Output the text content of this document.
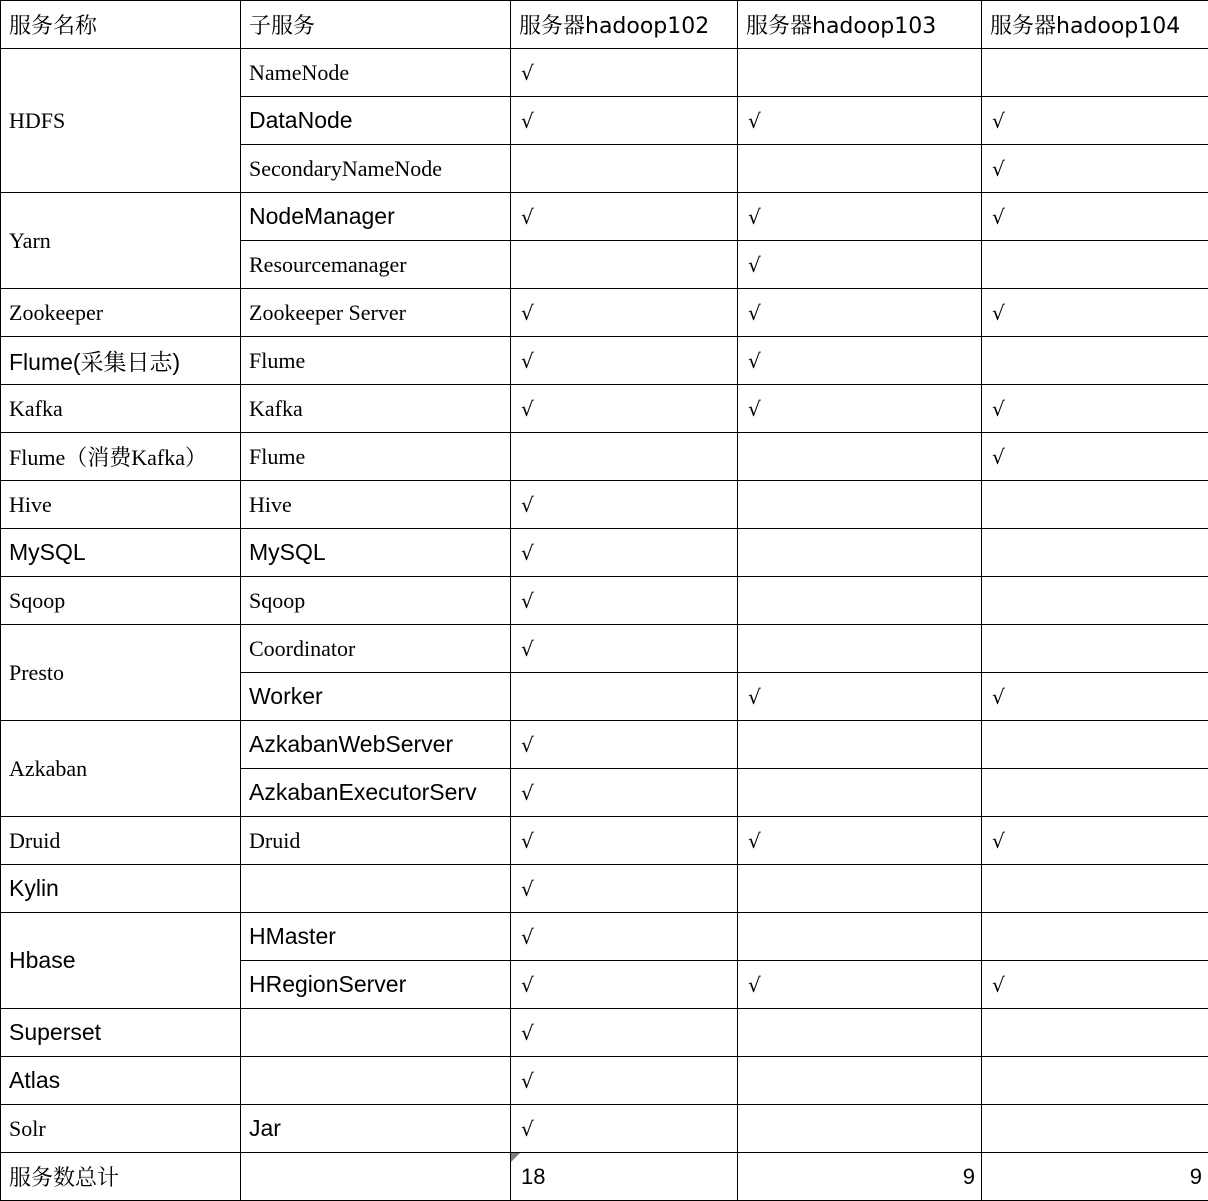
服务名称	子服务	服务器hadoop102	服务器hadoop103	服务器hadoop104
HDFS	NameNode	√		
	DataNode	√	√	√
	SecondaryNameNode			√
Yarn	NodeManager	√	√	√
	Resourcemanager		√	
Zookeeper	Zookeeper Server	√	√	√
Flume(采集日志)	Flume	√	√	
Kafka	Kafka	√	√	√
Flume（消费Kafka）	Flume			√
Hive	Hive	√		
MySQL	MySQL	√		
Sqoop	Sqoop	√		
Presto	Coordinator	√		
	Worker		√	√
Azkaban	AzkabanWebServer	√		
	AzkabanExecutorServ	√		
Druid	Druid	√	√	√
Kylin		√		
Hbase	HMaster	√		
	HRegionServer	√	√	√
Superset		√		
Atlas		√		
Solr	Jar	√		
服务数总计		18	9	9
